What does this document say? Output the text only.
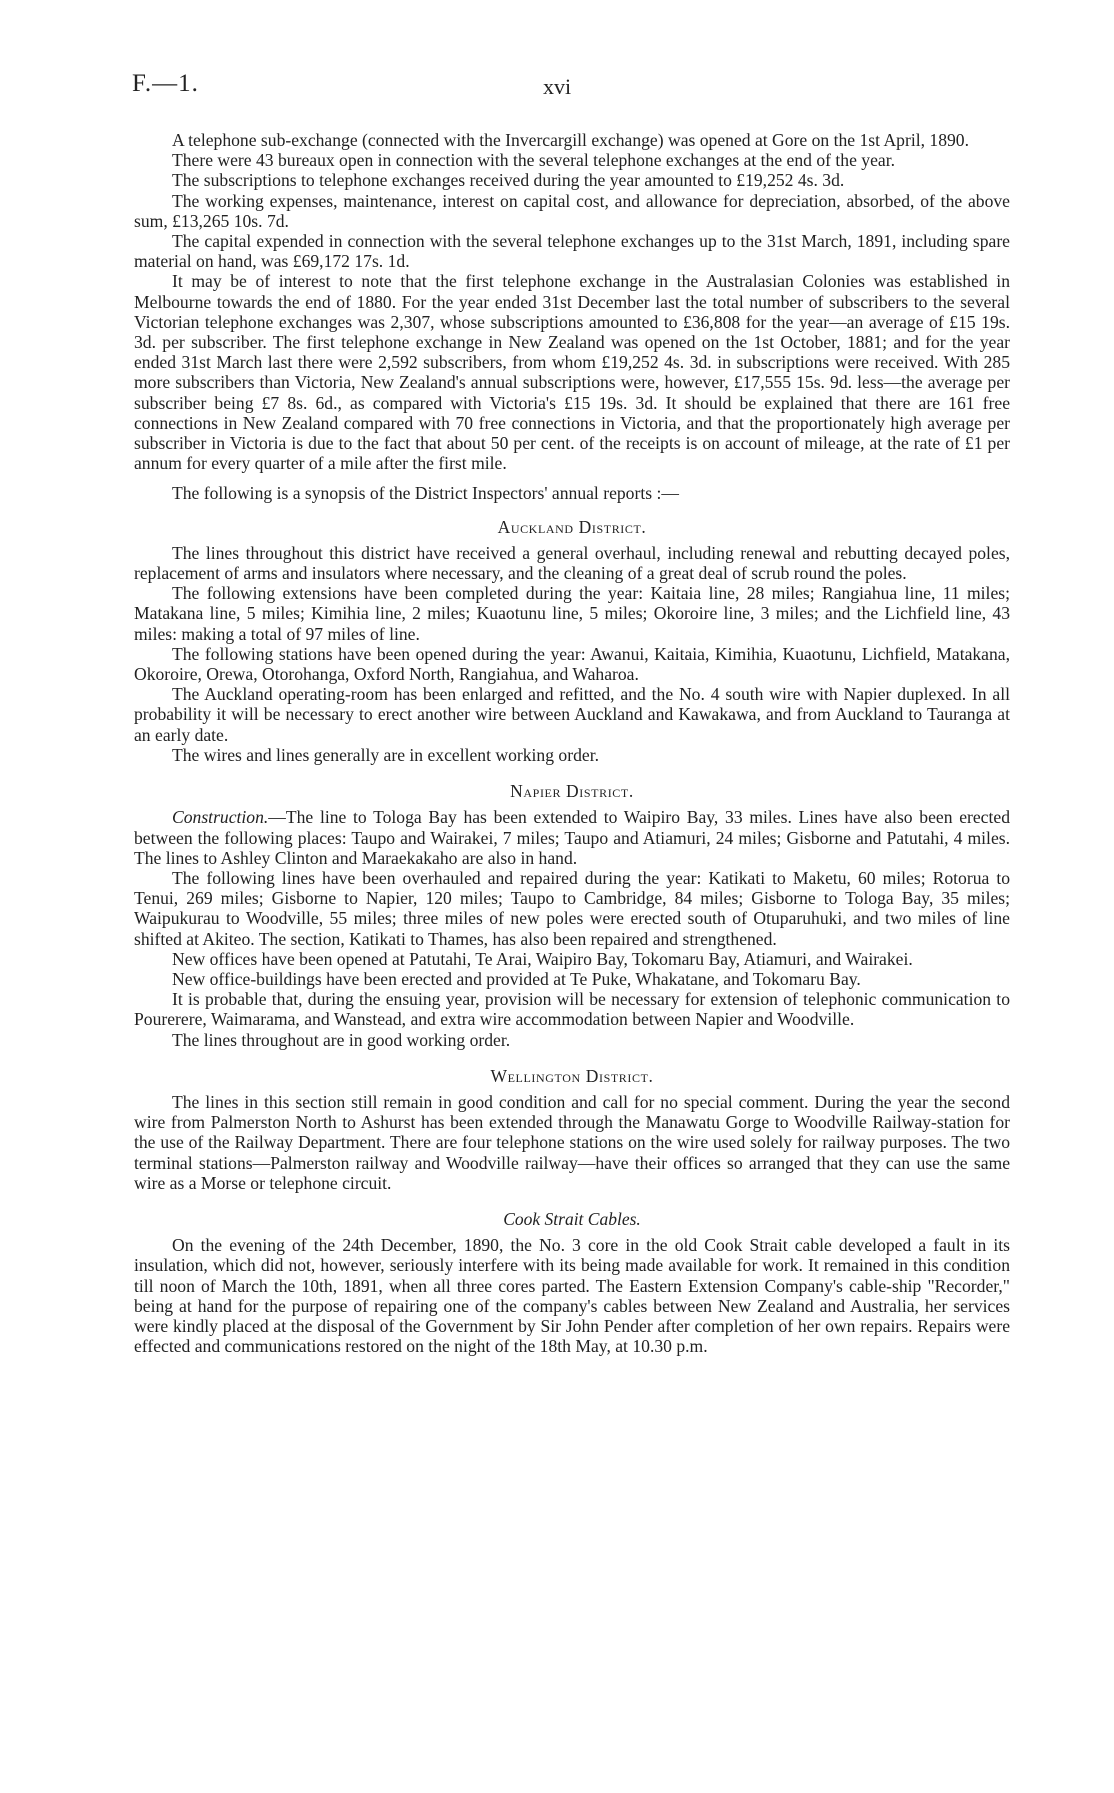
F.—1.	xvi

A telephone sub-exchange (connected with the Invercargill exchange) was opened at Gore on the 1st April, 1890.

There were 43 bureaux open in connection with the several telephone exchanges at the end of the year.

The subscriptions to telephone exchanges received during the year amounted to £19,252 4s. 3d.

The working expenses, maintenance, interest on capital cost, and allowance for depreciation, absorbed, of the above sum, £13,265 10s. 7d.

The capital expended in connection with the several telephone exchanges up to the 31st March, 1891, including spare material on hand, was £69,172 17s. 1d.

It may be of interest to note that the first telephone exchange in the Australasian Colonies was established in Melbourne towards the end of 1880. For the year ended 31st December last the total number of subscribers to the several Victorian telephone exchanges was 2,307, whose subscriptions amounted to £36,808 for the year—an average of £15 19s. 3d. per subscriber. The first telephone exchange in New Zealand was opened on the 1st October, 1881; and for the year ended 31st March last there were 2,592 subscribers, from whom £19,252 4s. 3d. in subscriptions were received. With 285 more subscribers than Victoria, New Zealand's annual subscriptions were, however, £17,555 15s. 9d. less—the average per subscriber being £7 8s. 6d., as compared with Victoria's £15 19s. 3d. It should be explained that there are 161 free connections in New Zealand compared with 70 free connections in Victoria, and that the proportionately high average per subscriber in Victoria is due to the fact that about 50 per cent. of the receipts is on account of mileage, at the rate of £1 per annum for every quarter of a mile after the first mile.

The following is a synopsis of the District Inspectors' annual reports :—

Auckland District.

The lines throughout this district have received a general overhaul, including renewal and rebutting decayed poles, replacement of arms and insulators where necessary, and the cleaning of a great deal of scrub round the poles.

The following extensions have been completed during the year: Kaitaia line, 28 miles; Rangiahua line, 11 miles; Matakana line, 5 miles; Kimihia line, 2 miles; Kuaotunu line, 5 miles; Okoroire line, 3 miles; and the Lichfield line, 43 miles: making a total of 97 miles of line.

The following stations have been opened during the year: Awanui, Kaitaia, Kimihia, Kuaotunu, Lichfield, Matakana, Okoroire, Orewa, Otorohanga, Oxford North, Rangiahua, and Waharoa.

The Auckland operating-room has been enlarged and refitted, and the No. 4 south wire with Napier duplexed. In all probability it will be necessary to erect another wire between Auckland and Kawakawa, and from Auckland to Tauranga at an early date.

The wires and lines generally are in excellent working order.

Napier District.

Construction.—The line to Tologa Bay has been extended to Waipiro Bay, 33 miles. Lines have also been erected between the following places: Taupo and Wairakei, 7 miles; Taupo and Atiamuri, 24 miles; Gisborne and Patutahi, 4 miles. The lines to Ashley Clinton and Maraekakaho are also in hand.

The following lines have been overhauled and repaired during the year: Katikati to Maketu, 60 miles; Rotorua to Tenui, 269 miles; Gisborne to Napier, 120 miles; Taupo to Cambridge, 84 miles; Gisborne to Tologa Bay, 35 miles; Waipukurau to Woodville, 55 miles; three miles of new poles were erected south of Otuparuhuki, and two miles of line shifted at Akiteo. The section, Katikati to Thames, has also been repaired and strengthened.

New offices have been opened at Patutahi, Te Arai, Waipiro Bay, Tokomaru Bay, Atiamuri, and Wairakei.

New office-buildings have been erected and provided at Te Puke, Whakatane, and Tokomaru Bay.

It is probable that, during the ensuing year, provision will be necessary for extension of telephonic communication to Pourerere, Waimarama, and Wanstead, and extra wire accommodation between Napier and Woodville.

The lines throughout are in good working order.

Wellington District.

The lines in this section still remain in good condition and call for no special comment. During the year the second wire from Palmerston North to Ashurst has been extended through the Manawatu Gorge to Woodville Railway-station for the use of the Railway Department. There are four telephone stations on the wire used solely for railway purposes. The two terminal stations—Palmerston railway and Woodville railway—have their offices so arranged that they can use the same wire as a Morse or telephone circuit.

Cook Strait Cables.

On the evening of the 24th December, 1890, the No. 3 core in the old Cook Strait cable developed a fault in its insulation, which did not, however, seriously interfere with its being made available for work. It remained in this condition till noon of March the 10th, 1891, when all three cores parted. The Eastern Extension Company's cable-ship "Recorder," being at hand for the purpose of repairing one of the company's cables between New Zealand and Australia, her services were kindly placed at the disposal of the Government by Sir John Pender after completion of her own repairs. Repairs were effected and communications restored on the night of the 18th May, at 10.30 p.m.
